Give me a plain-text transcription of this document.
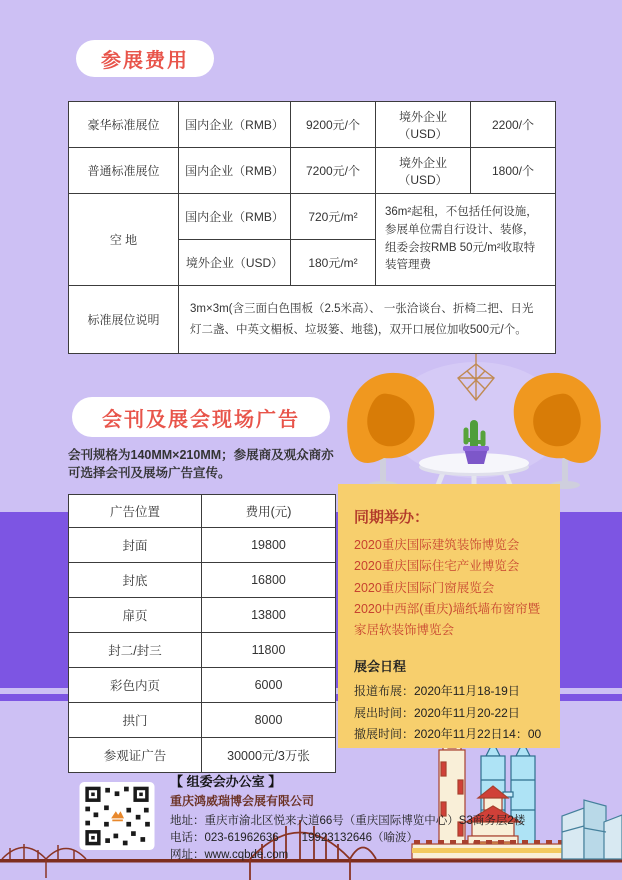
参展费用
豪华标准展位	国内企业（RMB）	9200元/个	境外企业（USD）	2200/个
普通标准展位	国内企业（RMB）	7200元/个	境外企业（USD）	1800/个
空 地	国内企业（RMB）	720元/m²	36m²起租，不包括任何设施，参展单位需自行设计、装修， 组委会按RMB 50元/m²收取特装管理费	
	境外企业（USD）	180元/m²		
标准展位说明	3m×3m(含三面白色围板（2.5米高）、 一张洽谈台、折椅二把、日光灯二盏、中英文楣板、垃圾篓、地毯)，双开口展位加收500元/个。			
会刊及展会现场广告
会刊规格为140MM×210MM；参展商及观众商亦可选择会刊及展场广告宣传。
广告位置	费用(元)
封面	19800
封底	16800
扉页	13800
封二/封三	11800
彩色内页	6000
拱门	8000
参观证广告	30000元/3万张
同期举办：
2020重庆国际建筑装饰博览会
2020重庆国际住宅产业博览会
2020重庆国际门窗展览会
2020中西部(重庆)墙纸墙布窗帘暨家居软装饰博览会
展会日程
报道布展：2020年11月18-19日
展出时间：2020年11月20-22日
撤展时间：2020年11月22日14：00
【 组委会办公室 】
重庆鸿威瑞博会展有限公司
地址：重庆市渝北区悦来大道66号（重庆国际博览中心）S3商务层2楼
电话：023-61962636　　19923132646（喻波）
网址：www.cqbde.com
